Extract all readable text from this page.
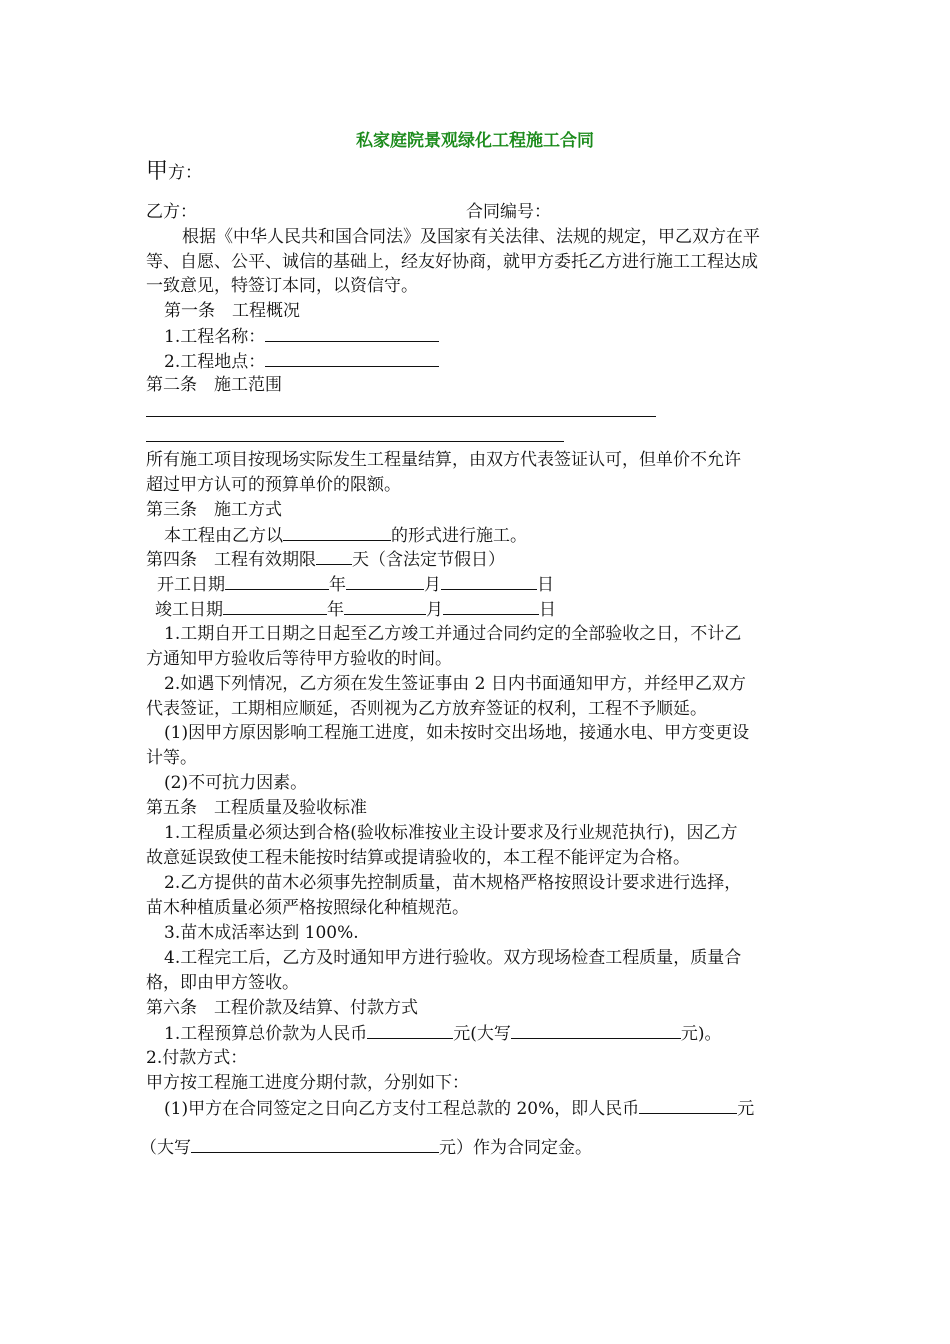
私家庭院景观绿化工程施工合同
甲方：
乙方：	合同编号：
根据《中华人民共和国合同法》及国家有关法律、法规的规定，甲乙双方在平
等、自愿、公平、诚信的基础上，经友好协商，就甲方委托乙方进行施工工程达成
一致意见，特签订本同，以资信守。
第一条　工程概况
1.工程名称：
2.工程地点：
第二条　施工范围
所有施工项目按现场实际发生工程量结算，由双方代表签证认可，但单价不允许
超过甲方认可的预算单价的限额。
第三条　施工方式
本工程由乙方以	的形式进行施工。
第四条　工程有效期限 天（含法定节假日）
开工日期	年	月	日
竣工日期	年	月	日
1.工期自开工日期之日起至乙方竣工并通过合同约定的全部验收之日，不计乙
方通知甲方验收后等待甲方验收的时间。
2.如遇下列情况，乙方须在发生签证事由 2 日内书面通知甲方，并经甲乙双方
代表签证，工期相应顺延，否则视为乙方放弃签证的权利，工程不予顺延。
(1)因甲方原因影响工程施工进度，如未按时交出场地，接通水电、甲方变更设
计等。
(2)不可抗力因素。
第五条　工程质量及验收标准
1.工程质量必须达到合格(验收标准按业主设计要求及行业规范执行)，因乙方
故意延误致使工程未能按时结算或提请验收的，本工程不能评定为合格。
2.乙方提供的苗木必须事先控制质量，苗木规格严格按照设计要求进行选择，
苗木种植质量必须严格按照绿化种植规范。
3.苗木成活率达到 100%.
4.工程完工后，乙方及时通知甲方进行验收。双方现场检查工程质量，质量合
格，即由甲方签收。
第六条　工程价款及结算、付款方式
1.工程预算总价款为人民币	元(大写	元)。
2.付款方式：
甲方按工程施工进度分期付款，分别如下：
(1)甲方在合同签定之日向乙方支付工程总款的 20%，即人民币	元
（大写	元）作为合同定金。
